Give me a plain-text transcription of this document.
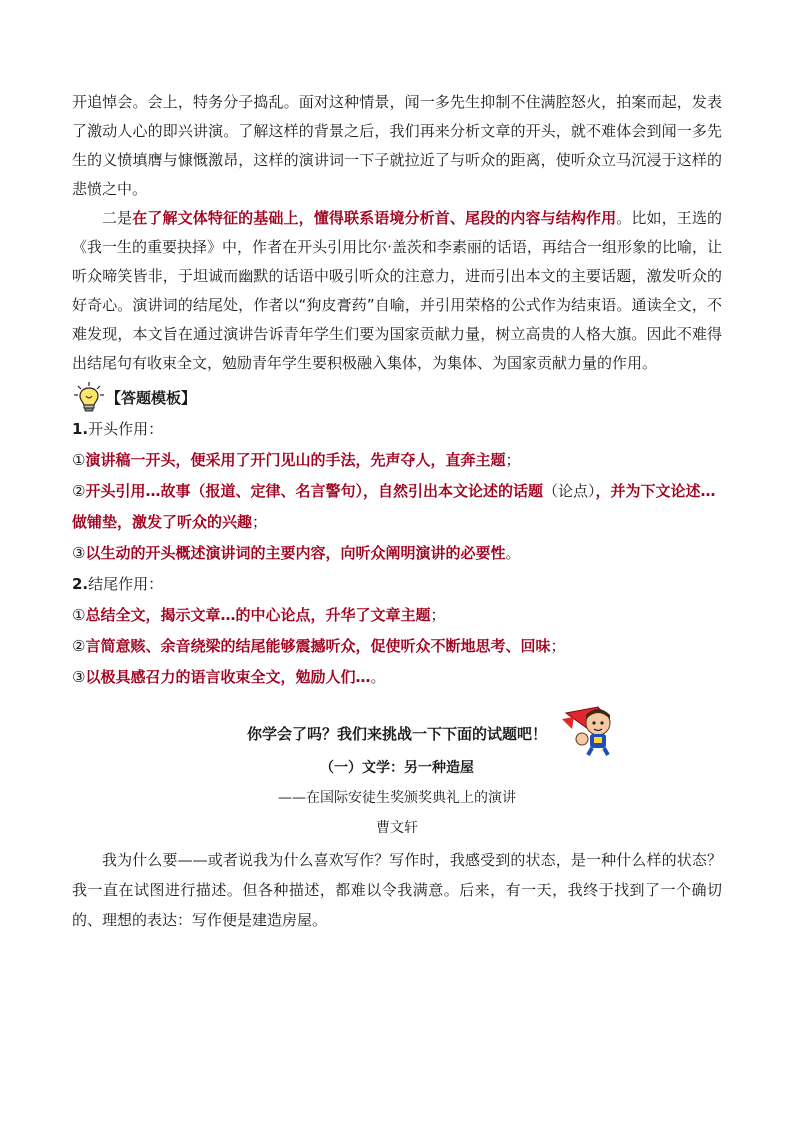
开追悼会。会上，特务分子捣乱。面对这种情景，闻一多先生抑制不住满腔怒火，拍案而起，发表了激动人心的即兴讲演。了解这样的背景之后，我们再来分析文章的开头，就不难体会到闻一多先生的义愤填膺与慷慨激昂，这样的演讲词一下子就拉近了与听众的距离，使听众立马沉浸于这样的悲愤之中。

二是在了解文体特征的基础上，懂得联系语境分析首、尾段的内容与结构作用。比如，王选的《我一生的重要抉择》中，作者在开头引用比尔·盖茨和李素丽的话语，再结合一组形象的比喻，让听众啼笑皆非，于坦诚而幽默的话语中吸引听众的注意力，进而引出本文的主要话题，激发听众的好奇心。演讲词的结尾处，作者以“狗皮膏药”自喻，并引用荣格的公式作为结束语。通读全文，不难发现，本文旨在通过演讲告诉青年学生们要为国家贡献力量，树立高贵的人格大旗。因此不难得出结尾句有收束全文，勉励青年学生要积极融入集体，为集体、为国家贡献力量的作用。

【答题模板】
1.开头作用：
①演讲稿一开头，便采用了开门见山的手法，先声夺人，直奔主题；
②开头引用…故事（报道、定律、名言警句），自然引出本文论述的话题（论点），并为下文论述…做铺垫，激发了听众的兴趣；
③以生动的开头概述演讲词的主要内容，向听众阐明演讲的必要性。
2.结尾作用：
①总结全文，揭示文章…的中心论点，升华了文章主题；
②言简意赅、余音绕梁的结尾能够震撼听众，促使听众不断地思考、回味；
③以极具感召力的语言收束全文，勉励人们…。
你学会了吗？我们来挑战一下下面的试题吧！
（一）文学：另一种造屋
——在国际安徒生奖颁奖典礼上的演讲
曹文轩

我为什么要——或者说我为什么喜欢写作？写作时，我感受到的状态，是一种什么样的状态？我一直在试图进行描述。但各种描述，都难以令我满意。后来，有一天，我终于找到了一个确切的、理想的表达：写作便是建造房屋。
